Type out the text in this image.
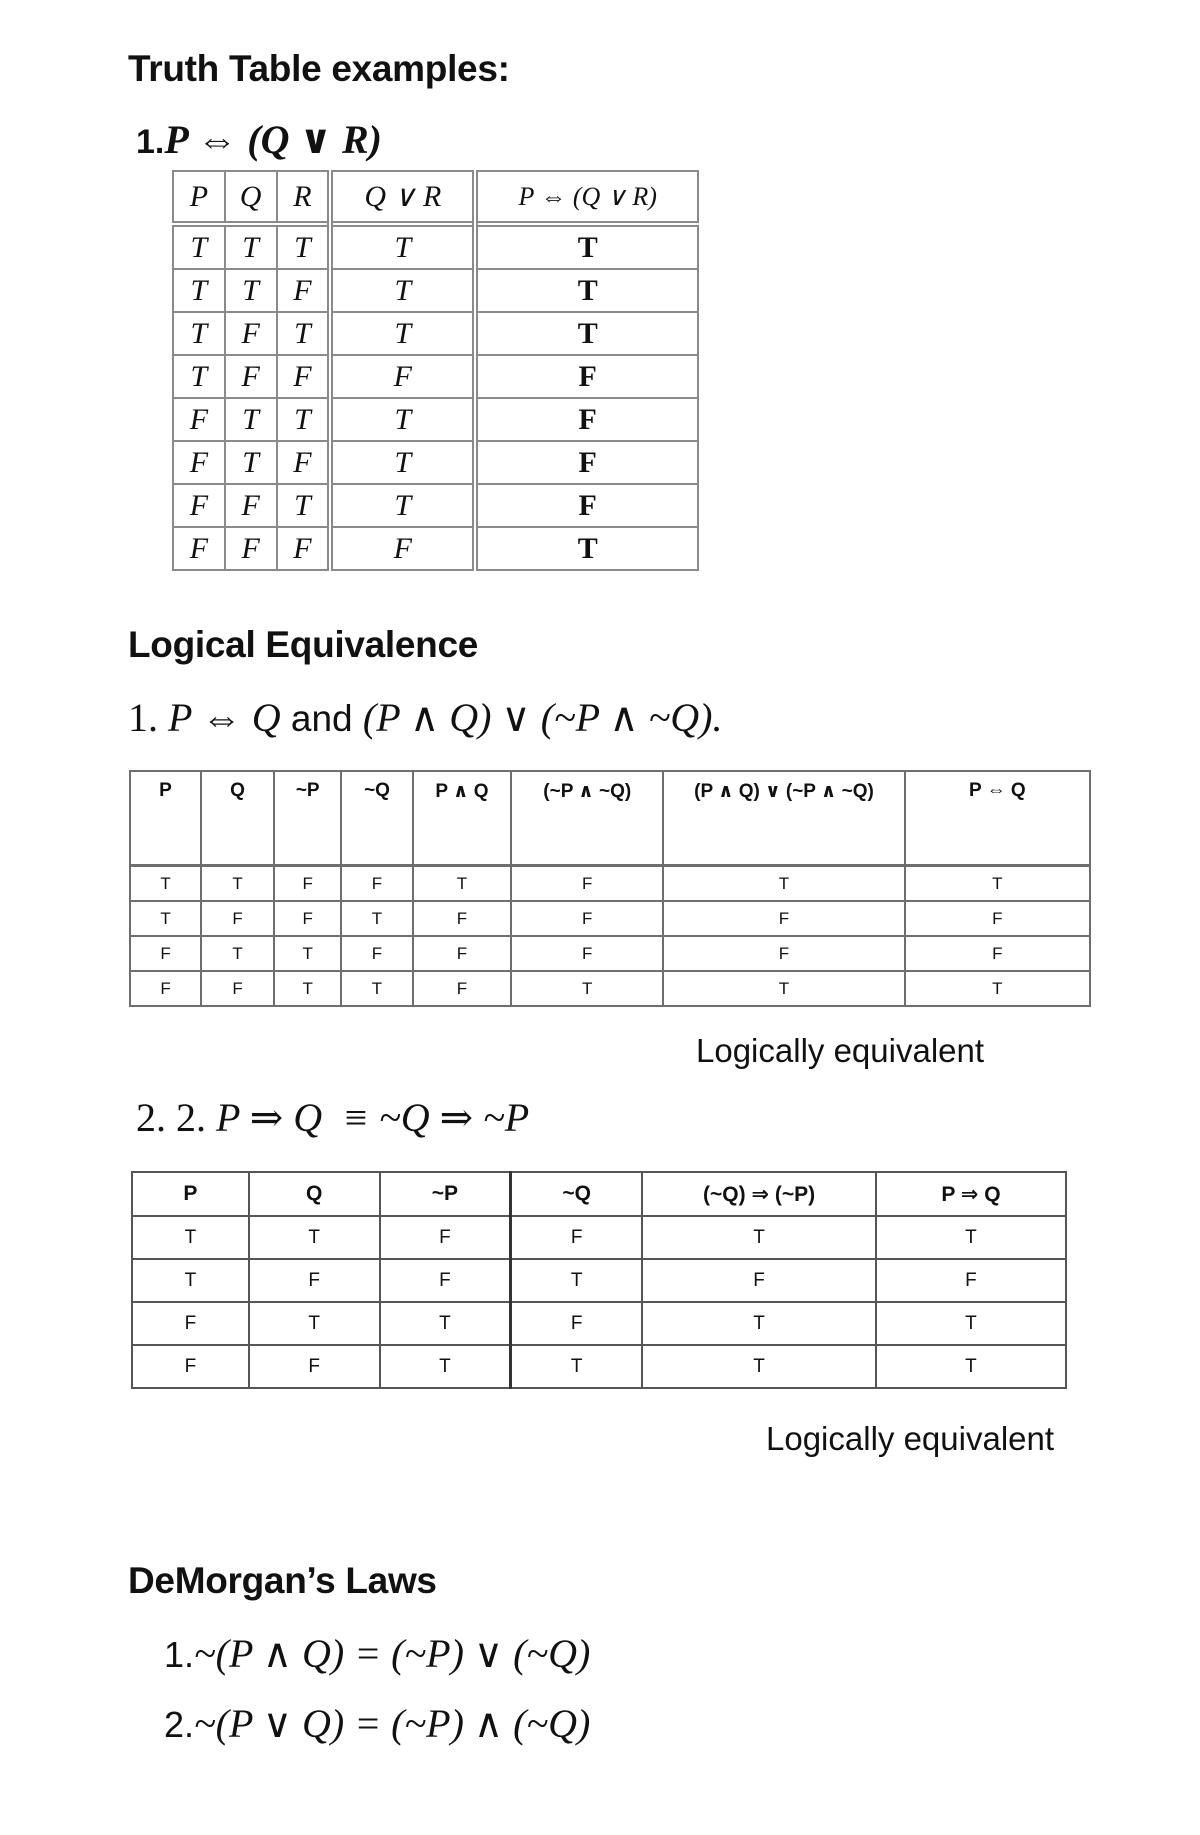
Truth Table examples:
1.P ⇔ (Q ∨ R)
P	Q	R	Q ∨ R	P ⇔ (Q ∨ R)
T	T	T	T	T
T	T	F	T	T
T	F	T	T	T
T	F	F	F	F
F	T	T	T	F
F	T	F	T	F
F	F	T	T	F
F	F	F	F	T
Logical Equivalence
1. P ⇔ Q and (P ∧ Q) ∨ (~P ∧ ~Q).
P	Q	~P	~Q	P ∧ Q	(~P ∧ ~Q)	(P ∧ Q) ∨ (~P ∧ ~Q)	P ⇔ Q
T	T	F	F	T	F	T	T
T	F	F	T	F	F	F	F
F	T	T	F	F	F	F	F
F	F	T	T	F	T	T	T
Logically equivalent
2. 2. P ⇒ Q  ≡ ~Q ⇒ ~P
P	Q	~P	~Q	(~Q) ⇒ (~P)	P ⇒ Q
T	T	F	F	T	T
T	F	F	T	F	F
F	T	T	F	T	T
F	F	T	T	T	T
Logically equivalent
DeMorgan’s Laws
1.~(P ∧ Q) = (~P) ∨ (~Q)
2.~(P ∨ Q) = (~P) ∧ (~Q)
